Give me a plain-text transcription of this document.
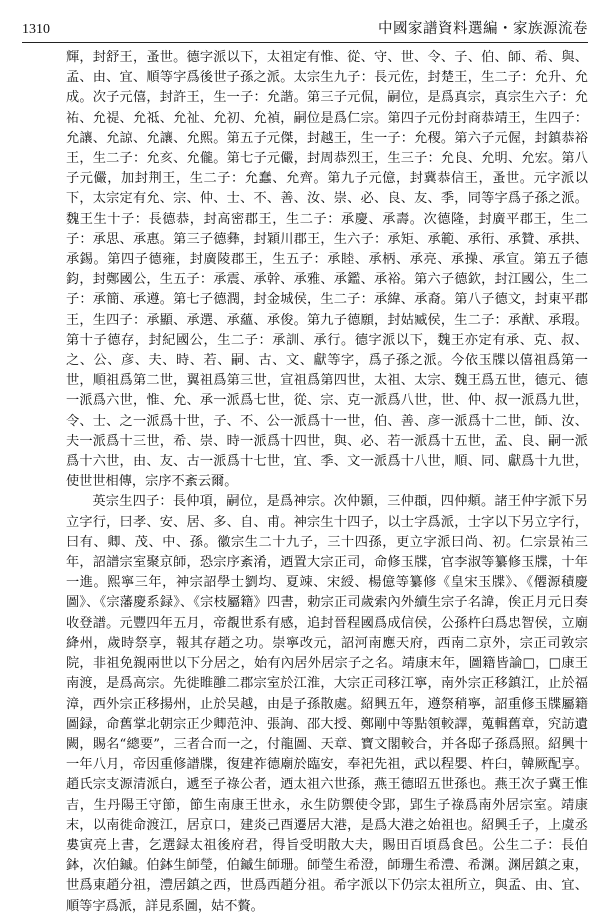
1310	中國家譜資料選編・家族源流卷

輝，封舒王，蚤世。德字派以下，太祖定有惟、從、守、世、令、子、伯、師、希、與、孟、由、宜、順等字爲後世子孫之派。太宗生九子：長元佐，封楚王，生二子：允升、允成。次子元僖，封許王，生一子：允諧。第三子元侃，嗣位，是爲真宗，真宗生六子：允祐、允禔、允祗、允祉、允初、允禎，嗣位是爲仁宗。第四子元份封商恭靖王，生四子：允讓、允諒、允讓、允熙。第五子元傑，封越王，生一子：允稷。第六子元偓，封鎮恭裕王，生二子：允亥、允儱。第七子元儼，封周恭烈王，生三子：允良、允明、允宏。第八子元儼，加封荆王，生二子：允蠢、允齊。第九子元億，封冀恭信王，蚤世。元字派以下，太宗定有允、宗、仲、士、不、善、汝、崇、必、良、友、季，同等字爲子孫之派。魏王生十子：長德恭，封高密郡王，生二子：承慶、承壽。次德隆，封廣平郡王，生二子：承思、承惠。第三子德彝，封穎川郡王，生六子：承矩、承範、承衎、承贊、承拱、承錫。第四子德雍，封廣陵郡王，生五子：承睦、承柄、承亮、承操、承宣。第五子德鈞，封鄭國公，生五子：承震、承幹、承雅、承鑑、承裕。第六子德欽，封江國公，生二子：承簡、承遵。第七子德潤，封金城侯，生二子：承緯、承裔。第八子德文，封東平郡王，生四子：承顯、承選、承蘊、承俊。第九子德願，封姑臧侯，生二子：承猷、承瑕。第十子德存，封紀國公，生二子：承訓、承行。德字派以下，魏王亦定有承、克、叔、之、公、彦、夫、時、若、嗣、古、文、獻等字，爲子孫之派。今依玉牒以僖祖爲第一世，順祖爲第二世，翼祖爲第三世，宣祖爲第四世，太祖、太宗、魏王爲五世，德元、德一派爲六世，惟、允、承一派爲七世，從、宗、克一派爲八世，世、仲、叔一派爲九世，令、士、之一派爲十世，子、不、公一派爲十一世，伯、善、彦一派爲十二世，師、汝、夫一派爲十三世，希、崇、時一派爲十四世，與、必、若一派爲十五世，孟、良、嗣一派爲十六世，由、友、古一派爲十七世，宜、季、文一派爲十八世，順、同、獻爲十九世，使世世相傳，宗序不紊云爾。

英宗生四子：長仲項，嗣位，是爲神宗。次仲顥，三仲頵，四仲頫。諸王仲字派下另立字行，曰孝、安、居、多、自、甫。神宗生十四子，以士字爲派，士字以下另立字行，曰有、卿、茂、中、孫。徽宗生二十九子，三十四孫，更立字派曰尚、初。仁宗景祐三年，詔譜宗室聚京師，恐宗序紊淆，迺置大宗正司，命修玉牒，官李淑等纂修玉牒，十年一進。熙寧三年，神宗詔學士劉均、夏竦、宋綬、楊億等纂修《皇宋玉牒》、《僊源積慶圖》、《宗藩慶系録》、《宗枝屬籍》四書，勅宗正司歲索內外續生宗子名諱，俟正月元日奏收登譜。元豐四年五月，帝覩世系有感，追封晉程國爲成信侯，公孫杵臼爲忠智侯，立廟絳州，歲時祭享，報其存趙之功。崇寧改元，詔河南應天府，西南二京外，宗正司敦宗院，非祖免親兩世以下分居之，始有內居外居宗子之名。靖康末年，圖籍皆論□，□康王南渡，是爲高宗。先徙睢雝二郡宗室於江淮，大宗正司移江寧，南外宗正移鎮江，止於福漳，西外宗正移揚州，止於吴越，由是子孫散處。紹興五年，遵祭稍寧，詔重修玉牒屬籍圖録，命舊掌北朝宗正少卿范沖、張詢、邵大授、鄭剛中等點領較譯，蒐輯舊章，究訪遺闕，賜名“總要”，三者合而一之，付龍圖、天章、寶文閣較合，并各邸子孫爲照。紹興十一年八月，帝因重修譜牒，復建祚德廟於臨安，奉祀先祖，武以程嬰、杵臼，韓厥配享。趙氏宗支源清派白，遞至子祿公者，迺太祖六世孫，燕王德昭五世孫也。燕王次子冀王惟吉，生丹陽王守節，節生南康王世永，永生防禦使令郢，郢生子祿爲南外居宗室。靖康末，以南徙命渡江，居京口，建炎己酉遷居大港，是爲大港之始祖也。紹興壬子，上虞丞婁寅亮上書，乞選録太祖後府君，得旨受明散大夫，賜田百頃爲食邑。公生二子：長伯鉢，次伯鏚。伯鉢生師瑩，伯鏚生師珊。師瑩生希澄，師珊生希澧、希渊。渊居鎮之東，世爲東趙分祖，澧居鎮之西，世爲西趙分祖。希字派以下仍宗太祖所立，與孟、由、宜、順等字爲派，詳見系圖，姑不贅。
